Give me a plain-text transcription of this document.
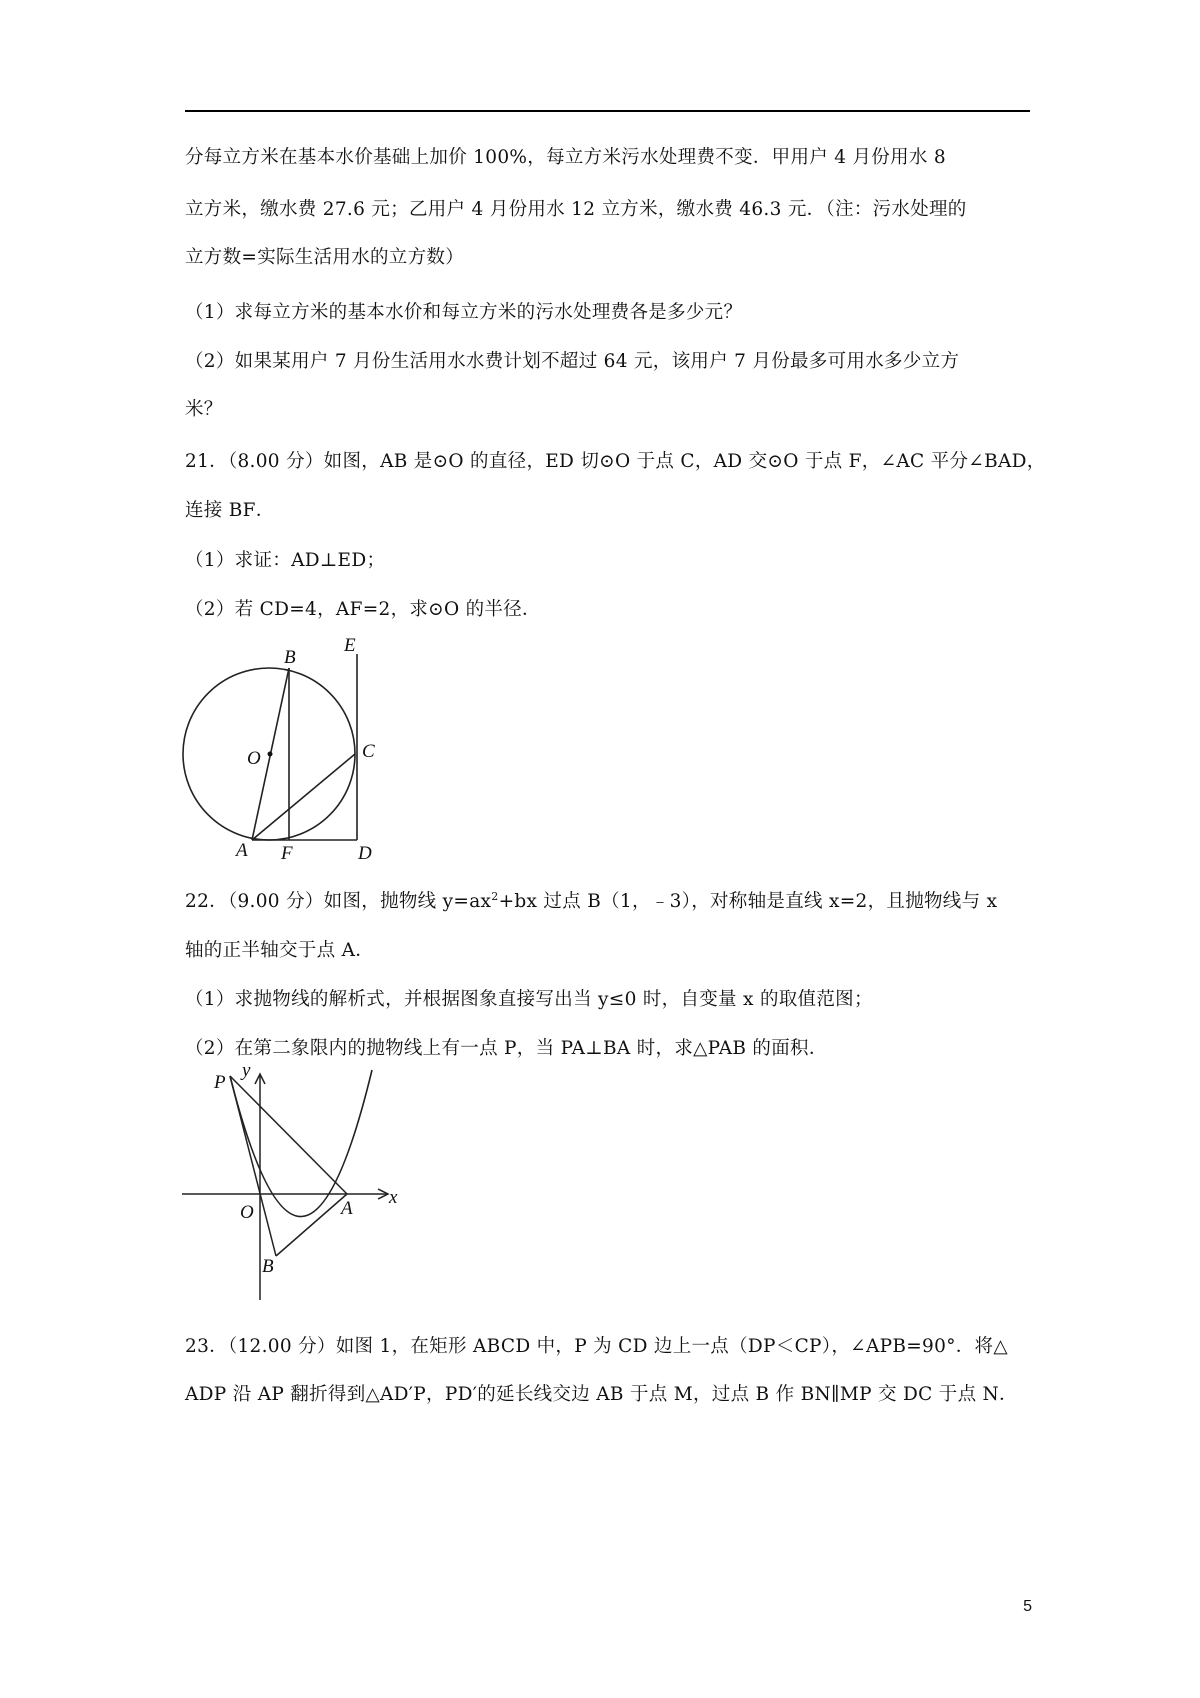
分每立方米在基本水价基础上加价 100%，每立方米污水处理费不变．甲用户 4 月份用水 8
立方米，缴水费 27.6 元；乙用户 4 月份用水 12 立方米，缴水费 46.3 元．（注：污水处理的
立方数=实际生活用水的立方数）
（1）求每立方米的基本水价和每立方米的污水处理费各是多少元？
（2）如果某用户 7 月份生活用水水费计划不超过 64 元，该用户 7 月份最多可用水多少立方
米？
21．（8.00 分）如图，AB 是⊙O 的直径，ED 切⊙O 于点 C，AD 交⊙O 于点 F，∠AC 平分∠BAD，
连接 BF．
（1）求证：AD⊥ED；
（2）若 CD=4，AF=2，求⊙O 的半径．
B
E
O	C
A F	D
22．（9.00 分）如图，抛物线 $y=ax^2+bx$ 过点 B（1，﹣3），对称轴是直线 x=2，且抛物线与 x
轴的正半轴交于点 A．
（1）求抛物线的解析式，并根据图象直接写出当 y≤0 时，自变量 x 的取值范图；
（2）在第二象限内的抛物线上有一点 P，当 PA⊥BA 时，求△PAB 的面积．
P
y
x
O	A
B
23．（12.00 分）如图 1，在矩形 ABCD 中，P 为 CD 边上一点（DP＜CP），∠APB=90°．将△
ADP 沿 AP 翻折得到△AD′P，PD′的延长线交边 AB 于点 M，过点 B 作 BN∥MP 交 DC 于点 N．
5
